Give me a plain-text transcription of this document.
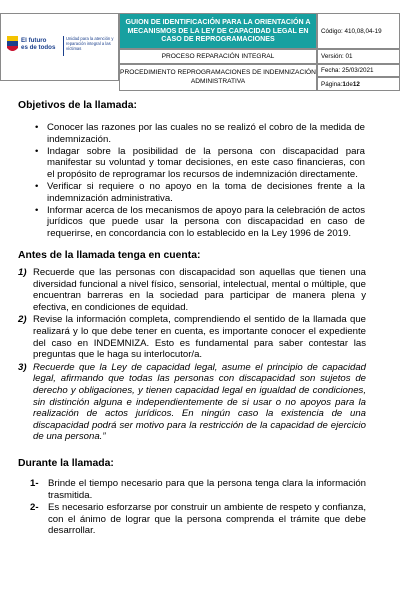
El futuro
es de todos
Unidad para la atención y reparación integral a las víctimas
GUION DE IDENTIFICACIÓN PARA LA ORIENTACIÓN A MECANISMOS DE LA LEY DE CAPACIDAD LEGAL EN CASO DE REPROGRAMACIONES
Código: 410,08,04-19
PROCESO REPARACIÓN INTEGRAL	Versión: 01
PROCEDIMIENTO REPROGRAMACIONES DE INDEMNIZACIÓN ADMINISTRATIVA
Fecha: 25/03/2021
Página: 1 de 12
Objetivos de la llamada:
• Conocer las razones por las cuales no se realizó el cobro de la medida de indemnización.
• Indagar sobre la posibilidad de la persona con discapacidad para manifestar su voluntad y tomar decisiones, en este caso financieras, con el propósito de reprogramar los recursos de indemnización directamente.
• Verificar si requiere o no apoyo en la toma de decisiones frente a la indemnización administrativa.
• Informar acerca de los mecanismos de apoyo para la celebración de actos jurídicos que puede usar la persona con discapacidad en caso de requerirse, en concordancia con lo establecido en la Ley 1996 de 2019.
Antes de la llamada tenga en cuenta:
1) Recuerde que las personas con discapacidad son aquellas que tienen una diversidad funcional a nivel físico, sensorial, intelectual, mental o múltiple, que encuentran barreras en la sociedad para participar de manera plena y efectiva, en condiciones de equidad.
2) Revise la información completa, comprendiendo el sentido de la llamada que realizará y lo que debe tener en cuenta, es importante conocer el expediente del caso en INDEMNIZA. Esto es fundamental para saber contestar las preguntas que le haga su interlocutor/a.
3) Recuerde que la Ley de capacidad legal, asume el principio de capacidad legal, afirmando que todas las personas con discapacidad son sujetos de derecho y obligaciones, y tienen capacidad legal en igualdad de condiciones, sin distinción alguna e independientemente de si usar o no apoyos para la realización de actos jurídicos. En ningún caso la existencia de una discapacidad podrá ser motivo para la restricción de la capacidad de ejercicio de una persona.”
Durante la llamada:
1- Brinde el tiempo necesario para que la persona tenga clara la información trasmitida.
2- Es necesario esforzarse por construir un ambiente de respeto y confianza, con el ánimo de lograr que la persona comprenda el trámite que debe desarrollar.
